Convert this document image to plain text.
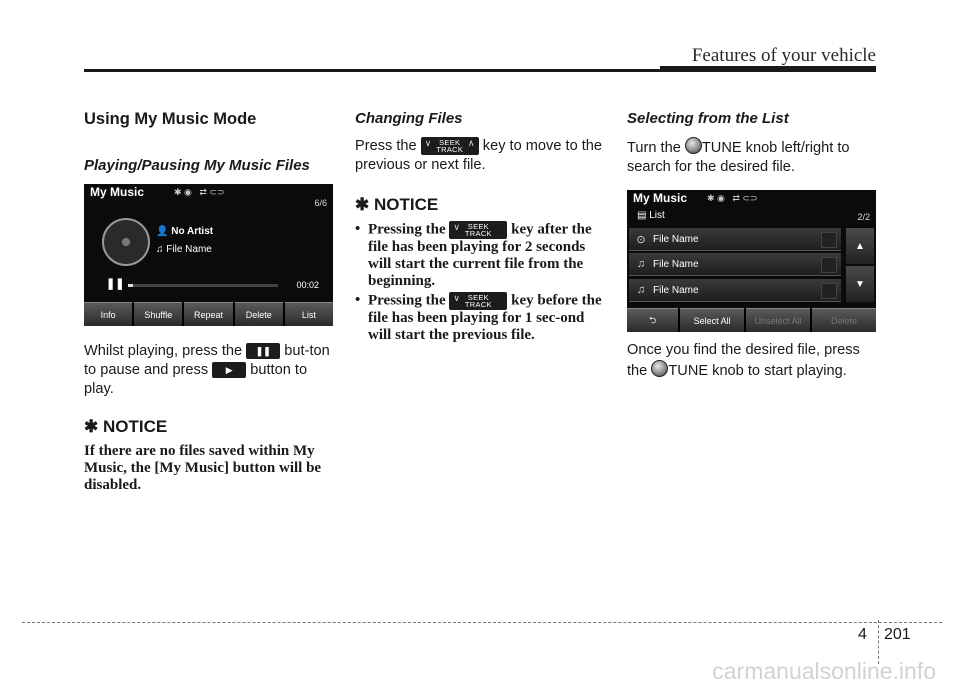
Features of your vehicle
Using My Music Mode
Playing/Pausing My Music Files
My Music	✱ ◉   ⇄ ⊂⊃
6/6
👤 No Artist
♫ File Name
❚❚	00:02
Info	Shuffle	Repeat	Delete	List

Whilst playing, press the ❚❚ but-ton to pause and press ▶ button to play.

✱ NOTICE
If there are no files saved within My Music, the [My Music] button will be disabled.
Changing Files

Press the ∨ SEEK
TRACK
∧ key to move to the previous or next file.

✱ NOTICE
• Pressing the ∨ SEEK
TRACK key after the file has been playing for 2 seconds will start the current file from the beginning.
• Pressing the ∨ SEEK
TRACK key before the file has been playing for 1 sec-ond will start the previous file.
Selecting from the List

Turn the TUNE knob left/right to search for the desired file.

My Music ✱ ◉   ⇄ ⊂⊃
▤ List	2/2
⊙ File Name
♫ File Name
♫ File Name
▲
▼
⮌	Select All	Unselect All	Delete

Once you find the desired file, press the TUNE knob to start playing.

4 201
carmanualsonline.info
